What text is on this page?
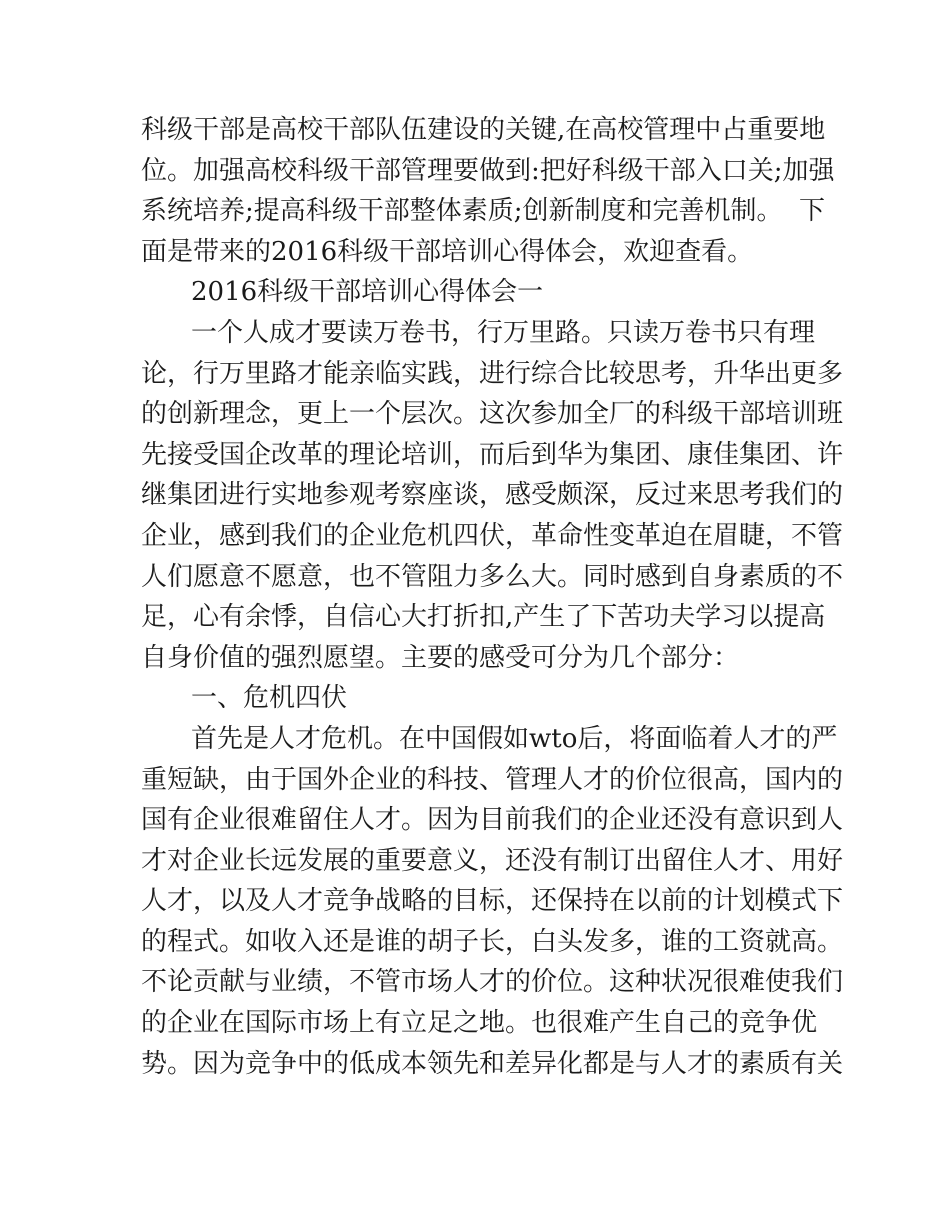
科级干部是高校干部队伍建设的关键,在高校管理中占重要地
位。加强高校科级干部管理要做到:把好科级干部入口关;加强
系统培养;提高科级干部整体素质;创新制度和完善机制。  下
面是带来的2016科级干部培训心得体会，欢迎查看。
2016科级干部培训心得体会一
一个人成才要读万卷书，行万里路。只读万卷书只有理
论，行万里路才能亲临实践，进行综合比较思考，升华出更多
的创新理念，更上一个层次。这次参加全厂的科级干部培训班
先接受国企改革的理论培训，而后到华为集团、康佳集团、许
继集团进行实地参观考察座谈，感受颇深，反过来思考我们的
企业，感到我们的企业危机四伏，革命性变革迫在眉睫，不管
人们愿意不愿意，也不管阻力多么大。同时感到自身素质的不
足，心有余悸，自信心大打折扣,产生了下苦功夫学习以提高
自身价值的强烈愿望。主要的感受可分为几个部分：
一、危机四伏
首先是人才危机。在中国假如wto后，将面临着人才的严
重短缺，由于国外企业的科技、管理人才的价位很高，国内的
国有企业很难留住人才。因为目前我们的企业还没有意识到人
才对企业长远发展的重要意义，还没有制订出留住人才、用好
人才，以及人才竞争战略的目标，还保持在以前的计划模式下
的程式。如收入还是谁的胡子长，白头发多，谁的工资就高。
不论贡献与业绩，不管市场人才的价位。这种状况很难使我们
的企业在国际市场上有立足之地。也很难产生自己的竞争优
势。因为竞争中的低成本领先和差异化都是与人才的素质有关
